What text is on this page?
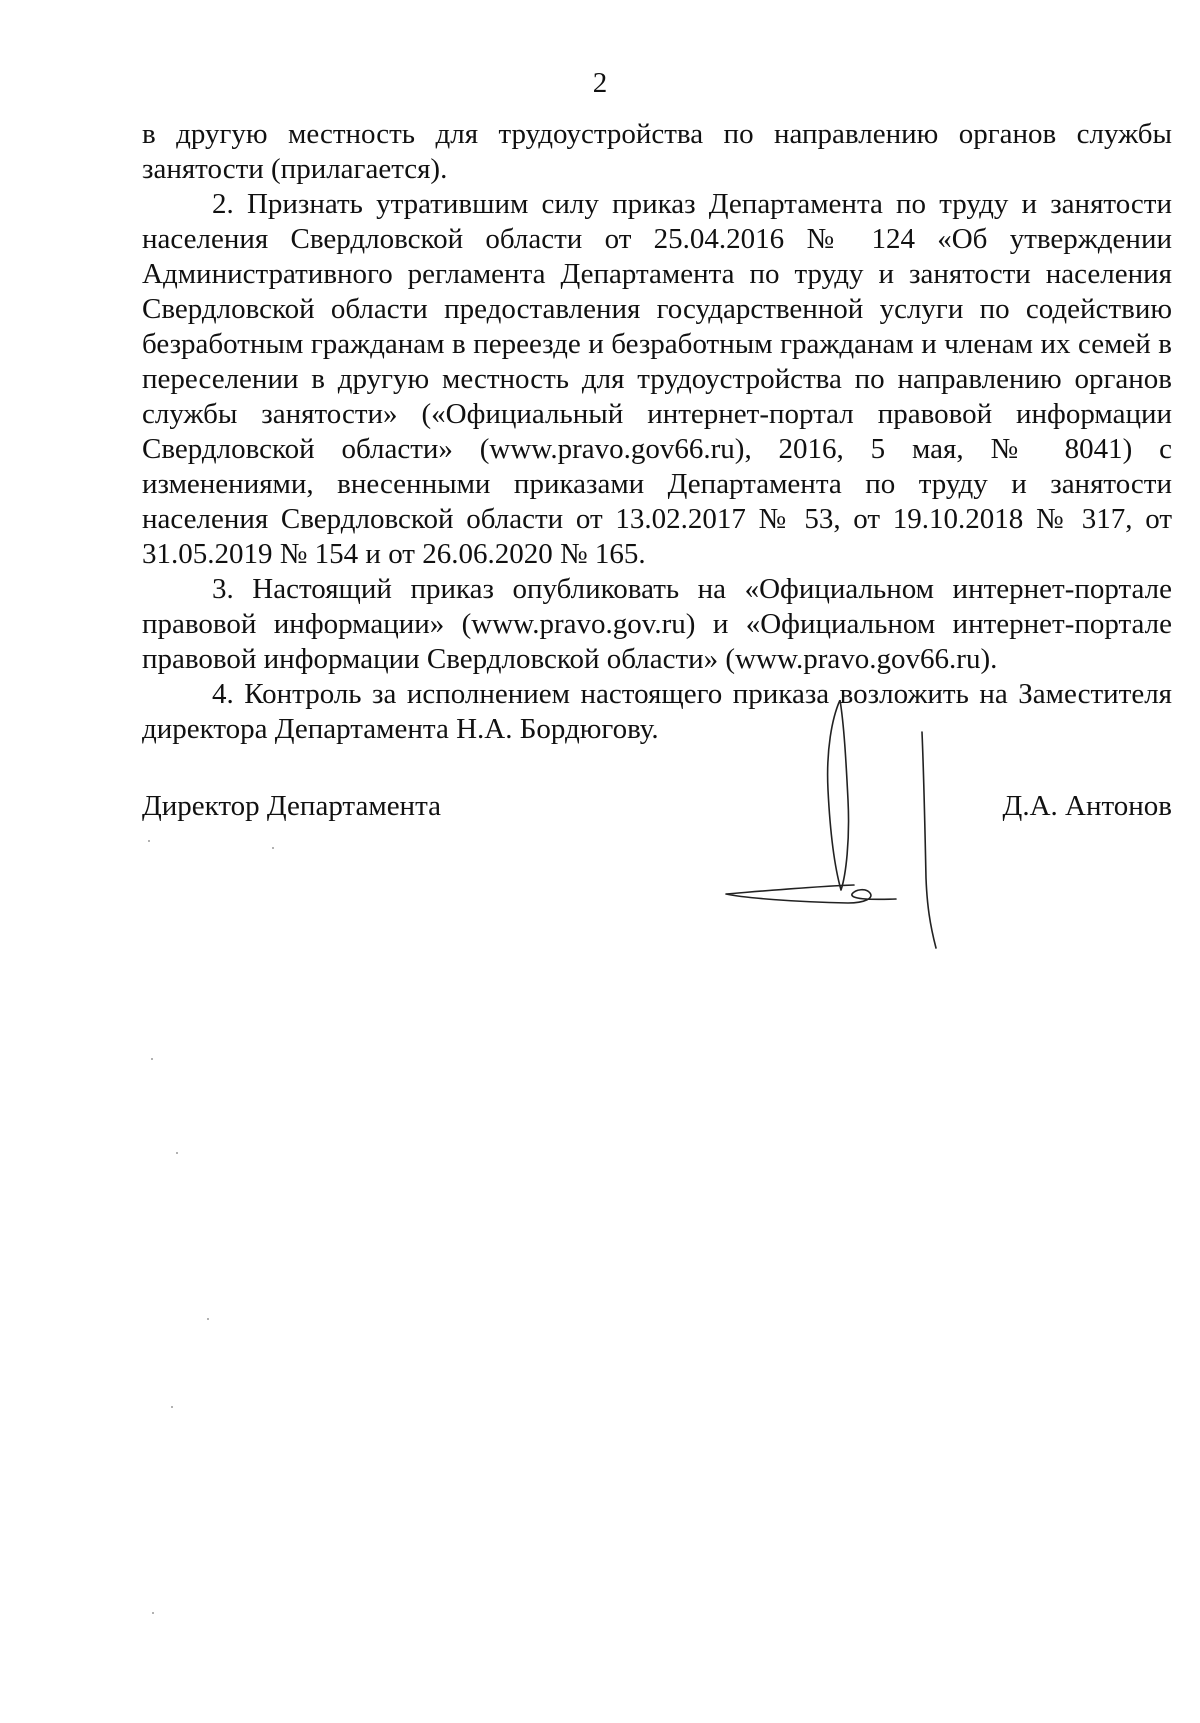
2

в другую местность для трудоустройства по направлению органов службы занятости (прилагается).

2. Признать утратившим силу приказ Департамента по труду и занятости населения Свердловской области от 25.04.2016 № 124 «Об утверждении Административного регламента Департамента по труду и занятости населения Свердловской области предоставления государственной услуги по содействию безработным гражданам в переезде и безработным гражданам и членам их семей в переселении в другую местность для трудоустройства по направлению органов службы занятости» («Официальный интернет-портал правовой информации Свердловской области» (www.pravo.gov66.ru), 2016, 5 мая, № 8041) с изменениями, внесенными приказами Департамента по труду и занятости населения Свердловской области от 13.02.2017 № 53, от 19.10.2018 № 317, от 31.05.2019 № 154 и от 26.06.2020 № 165.

3. Настоящий приказ опубликовать на «Официальном интернет-портале правовой информации» (www.pravo.gov.ru) и «Официальном интернет-портале правовой информации Свердловской области» (www.pravo.gov66.ru).

4. Контроль за исполнением настоящего приказа возложить на Заместителя директора Департамента Н.А. Бордюгову.

Директор Департамента	Д.А. Антонов
